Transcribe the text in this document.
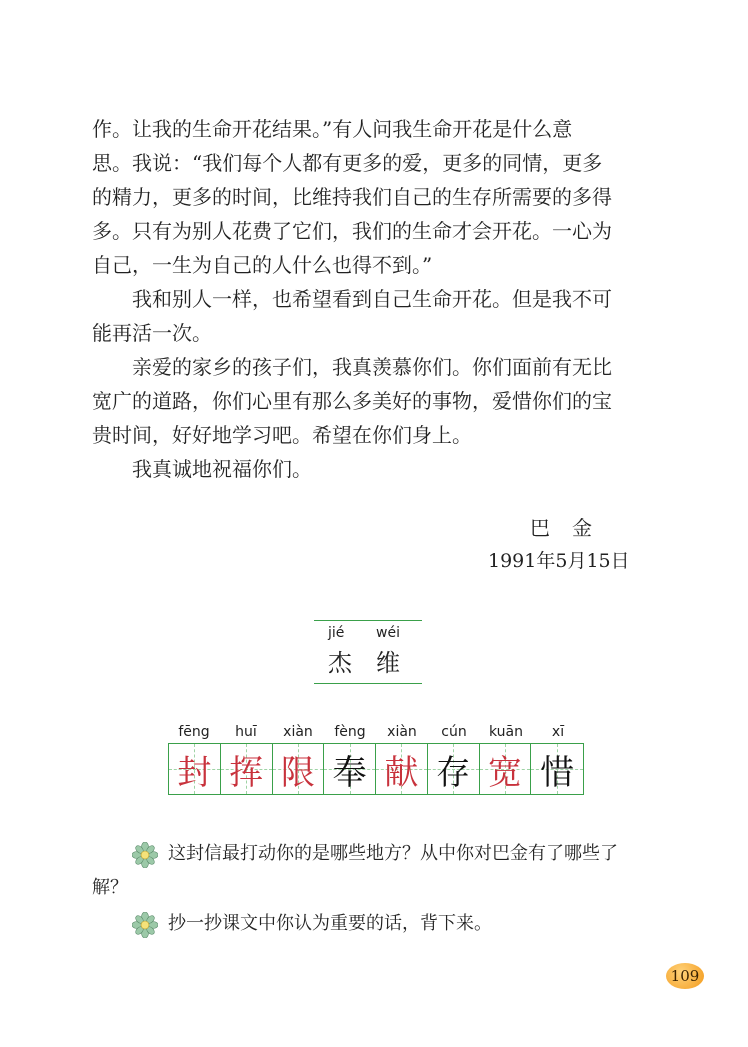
作。让我的生命开花结果。”有人问我生命开花是什么意

思。我说：“我们每个人都有更多的爱，更多的同情，更多

的精力，更多的时间，比维持我们自己的生存所需要的多得

多。只有为别人花费了它们，我们的生命才会开花。一心为

自己，一生为自己的人什么也得不到。”

我和别人一样，也希望看到自己生命开花。但是我不可

能再活一次。

亲爱的家乡的孩子们，我真羡慕你们。你们面前有无比

宽广的道路，你们心里有那么多美好的事物，爱惜你们的宝

贵时间，好好地学习吧。希望在你们身上。

我真诚地祝福你们。

巴金
1991年5月15日
jié wéi
杰 维
fēng	huī	xiàn	fèng	xiàn	cún	kuān	xī
封 挥 限 奉 献 存 宽 惜
这封信最打动你的是哪些地方？从中你对巴金有了哪些了
解？
抄一抄课文中你认为重要的话，背下来。
109
